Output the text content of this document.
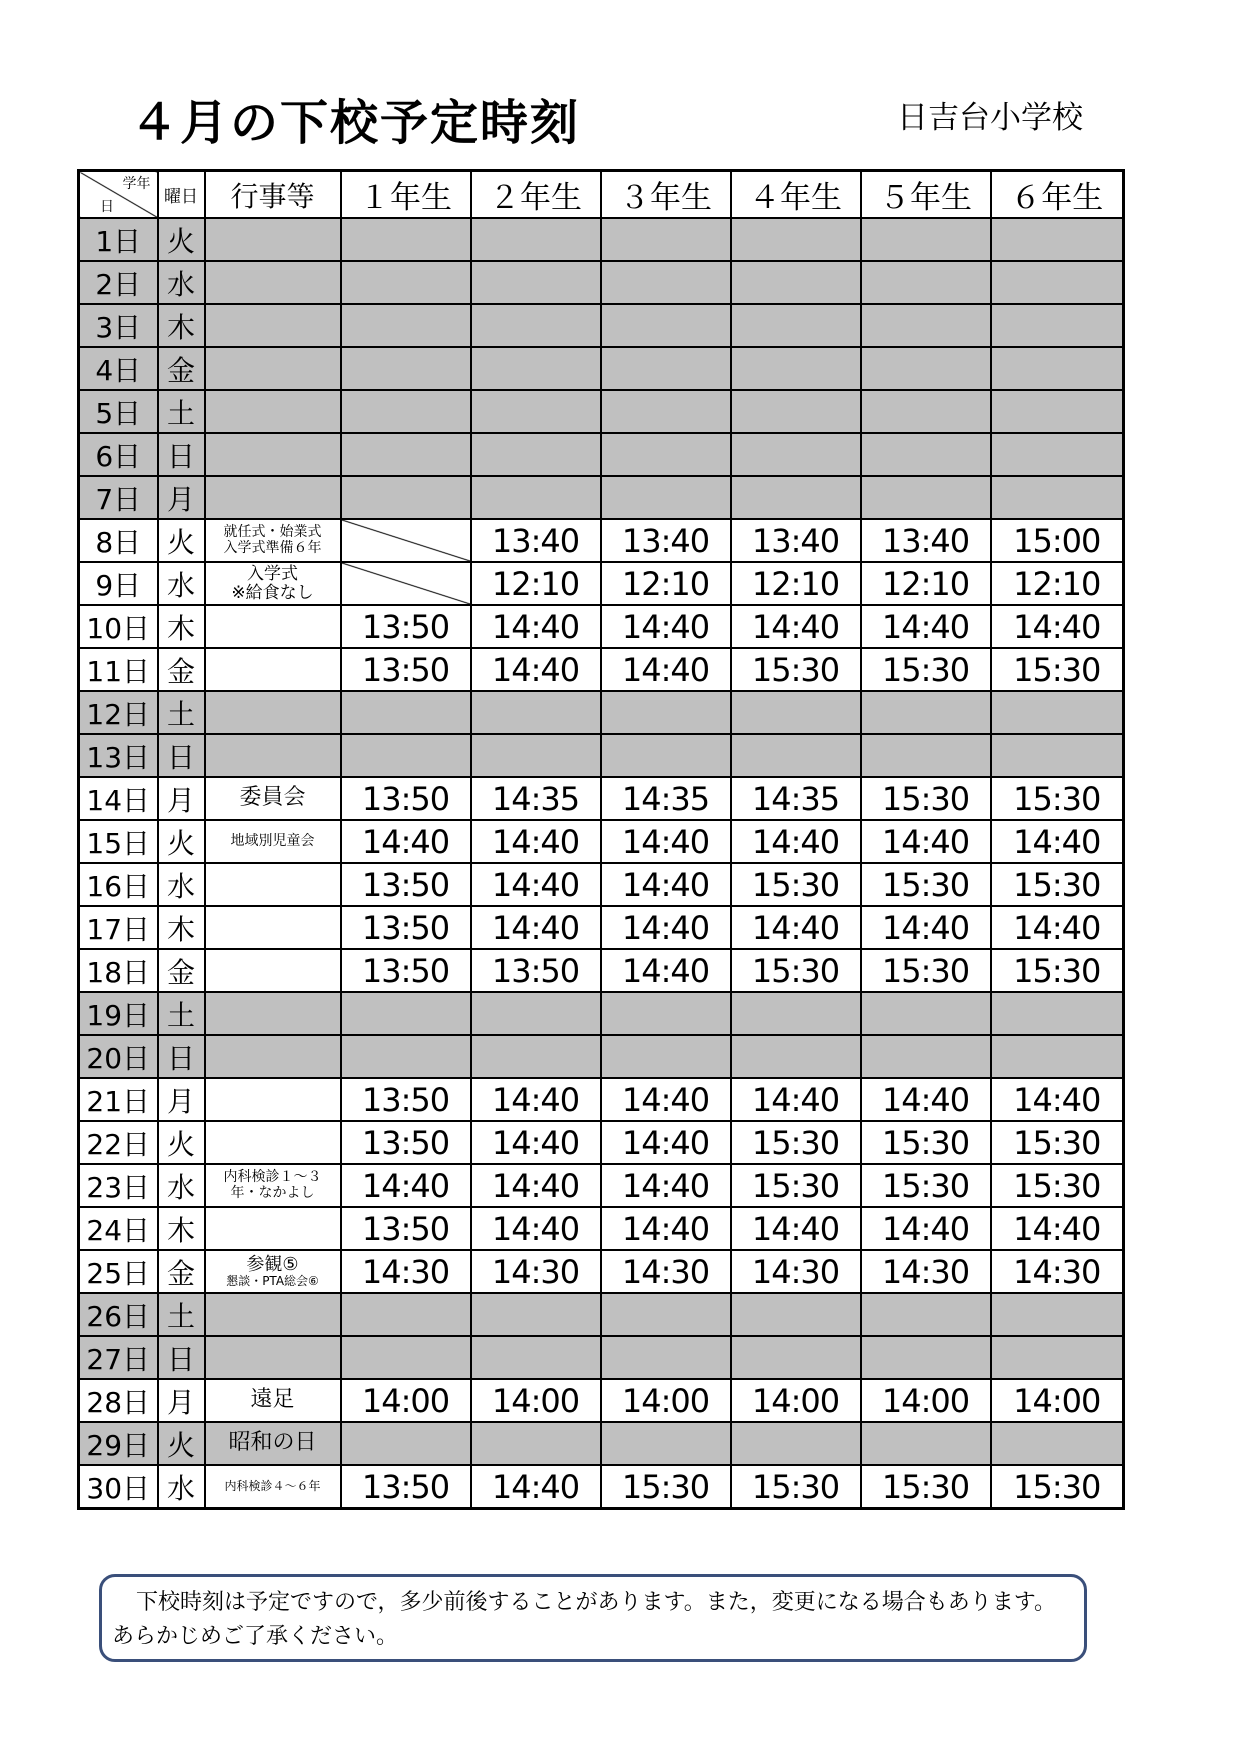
４月の下校予定時刻	日吉台小学校
学年
日	曜日	行事等	１年生	２年生	３年生	４年生	５年生	６年生
1日	火							
2日	水							
3日	木							
4日	金							
5日	土							
6日	日							
7日	月							
8日	火	就任式・始業式
入学式準備６年		13:40	13:40	13:40	13:40	15:00
9日	水	入学式
※給食なし		12:10	12:10	12:10	12:10	12:10
10日	木		13:50	14:40	14:40	14:40	14:40	14:40
11日	金		13:50	14:40	14:40	15:30	15:30	15:30
12日	土							
13日	日							
14日	月	委員会	13:50	14:35	14:35	14:35	15:30	15:30
15日	火	地域別児童会	14:40	14:40	14:40	14:40	14:40	14:40
16日	水		13:50	14:40	14:40	15:30	15:30	15:30
17日	木		13:50	14:40	14:40	14:40	14:40	14:40
18日	金		13:50	13:50	14:40	15:30	15:30	15:30
19日	土							
20日	日							
21日	月		13:50	14:40	14:40	14:40	14:40	14:40
22日	火		13:50	14:40	14:40	15:30	15:30	15:30
23日	水	内科検診１～３
年・なかよし	14:40	14:40	14:40	15:30	15:30	15:30
24日	木		13:50	14:40	14:40	14:40	14:40	14:40
25日	金	参観⑤
懇談・PTA総会⑥	14:30	14:30	14:30	14:30	14:30	14:30
26日	土							
27日	日							
28日	月	遠足	14:00	14:00	14:00	14:00	14:00	14:00
29日	火	昭和の日						
30日	水	内科検診４～６年	13:50	14:40	15:30	15:30	15:30	15:30

下校時刻は予定ですので，多少前後することがあります。また，変更になる場合もあります。あらかじめご了承ください。
